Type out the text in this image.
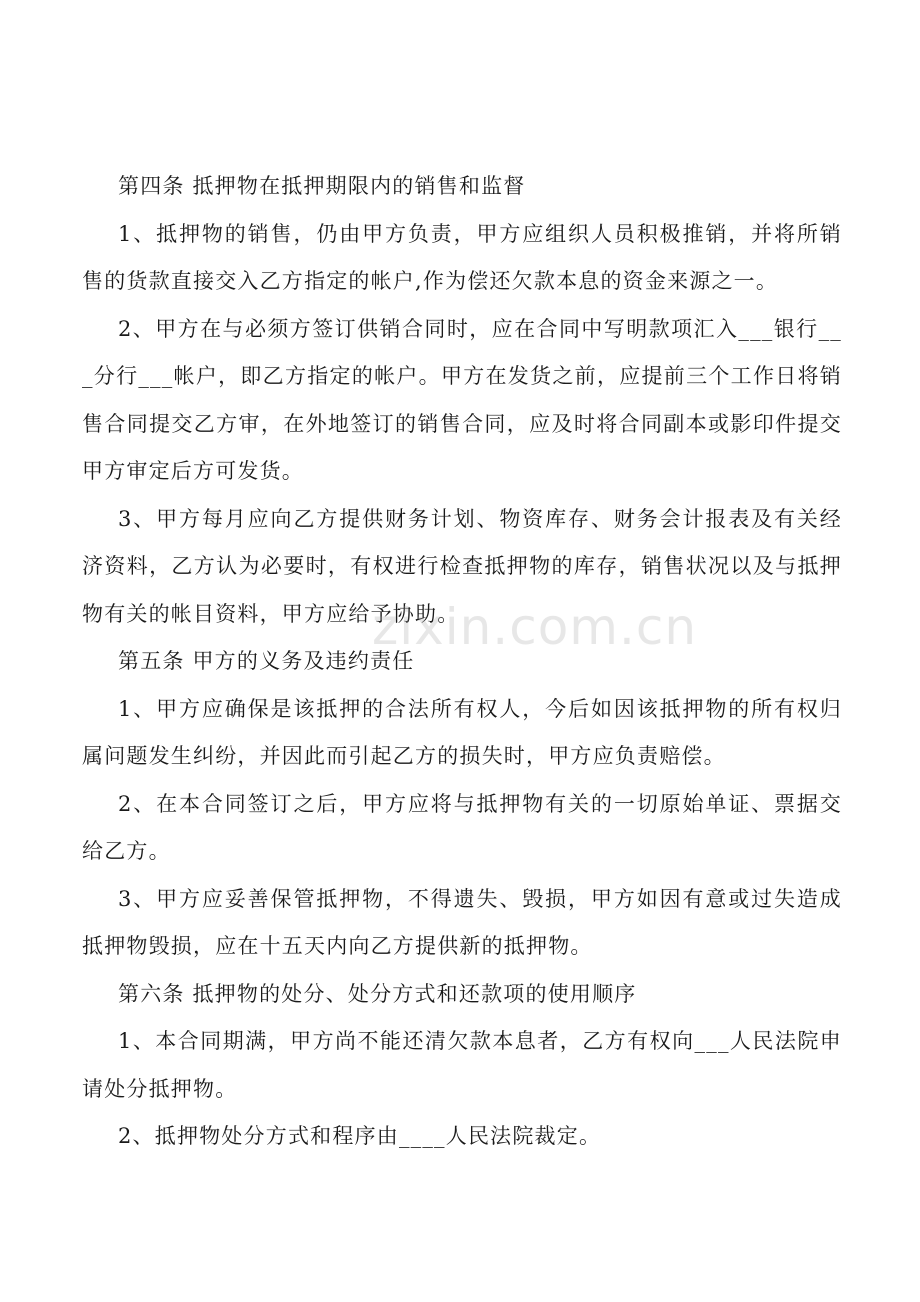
第四条 抵押物在抵押期限内的销售和监督

1、抵押物的销售，仍由甲方负责，甲方应组织人员积极推销，并将所销售的货款直接交入乙方指定的帐户,作为偿还欠款本息的资金来源之一。

2、甲方在与必须方签订供销合同时，应在合同中写明款项汇入___银行___分行___帐户，即乙方指定的帐户。甲方在发货之前，应提前三个工作日将销售合同提交乙方审，在外地签订的销售合同，应及时将合同副本或影印件提交甲方审定后方可发货。

3、甲方每月应向乙方提供财务计划、物资库存、财务会计报表及有关经济资料，乙方认为必要时，有权进行检查抵押物的库存，销售状况以及与抵押物有关的帐目资料，甲方应给予协助。

第五条 甲方的义务及违约责任

1、甲方应确保是该抵押的合法所有权人，今后如因该抵押物的所有权归属问题发生纠纷，并因此而引起乙方的损失时，甲方应负责赔偿。

2、在本合同签订之后，甲方应将与抵押物有关的一切原始单证、票据交给乙方。

3、甲方应妥善保管抵押物，不得遗失、毁损，甲方如因有意或过失造成抵押物毁损，应在十五天内向乙方提供新的抵押物。

第六条 抵押物的处分、处分方式和还款项的使用顺序

1、本合同期满，甲方尚不能还清欠款本息者，乙方有权向___人民法院申请处分抵押物。

2、抵押物处分方式和程序由____人民法院裁定。

zixin.com.cn
